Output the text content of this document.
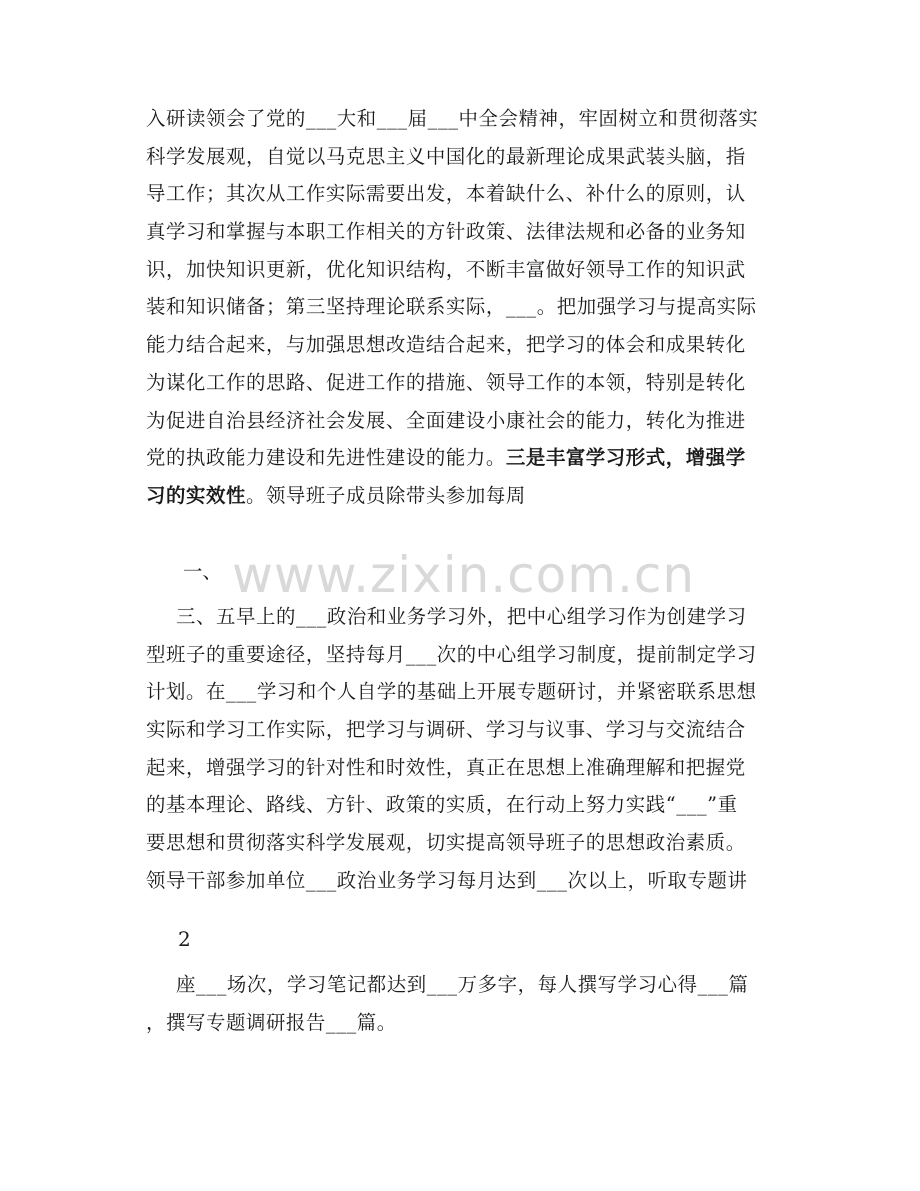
www.zixin.com.cn
入研读领会了党的___大和___届___中全会精神，牢固树立和贯彻落实
科学发展观，自觉以马克思主义中国化的最新理论成果武装头脑，指
导工作；其次从工作实际需要出发，本着缺什么、补什么的原则，认
真学习和掌握与本职工作相关的方针政策、法律法规和必备的业务知
识，加快知识更新，优化知识结构，不断丰富做好领导工作的知识武
装和知识储备；第三坚持理论联系实际，___。把加强学习与提高实际
能力结合起来，与加强思想改造结合起来，把学习的体会和成果转化
为谋化工作的思路、促进工作的措施、领导工作的本领，特别是转化
为促进自治县经济社会发展、全面建设小康社会的能力，转化为推进
党的执政能力建设和先进性建设的能力。三是丰富学习形式，增强学
习的实效性。领导班子成员除带头参加每周
一、
三、五早上的___政治和业务学习外，把中心组学习作为创建学习
型班子的重要途径，坚持每月___次的中心组学习制度，提前制定学习
计划。在___学习和个人自学的基础上开展专题研讨，并紧密联系思想
实际和学习工作实际，把学习与调研、学习与议事、学习与交流结合
起来，增强学习的针对性和时效性，真正在思想上准确理解和把握党
的基本理论、路线、方针、政策的实质，在行动上努力实践“___”重
要思想和贯彻落实科学发展观，切实提高领导班子的思想政治素质。
领导干部参加单位___政治业务学习每月达到___次以上，听取专题讲
2
座___场次，学习笔记都达到___万多字，每人撰写学习心得___篇
，撰写专题调研报告___篇。
